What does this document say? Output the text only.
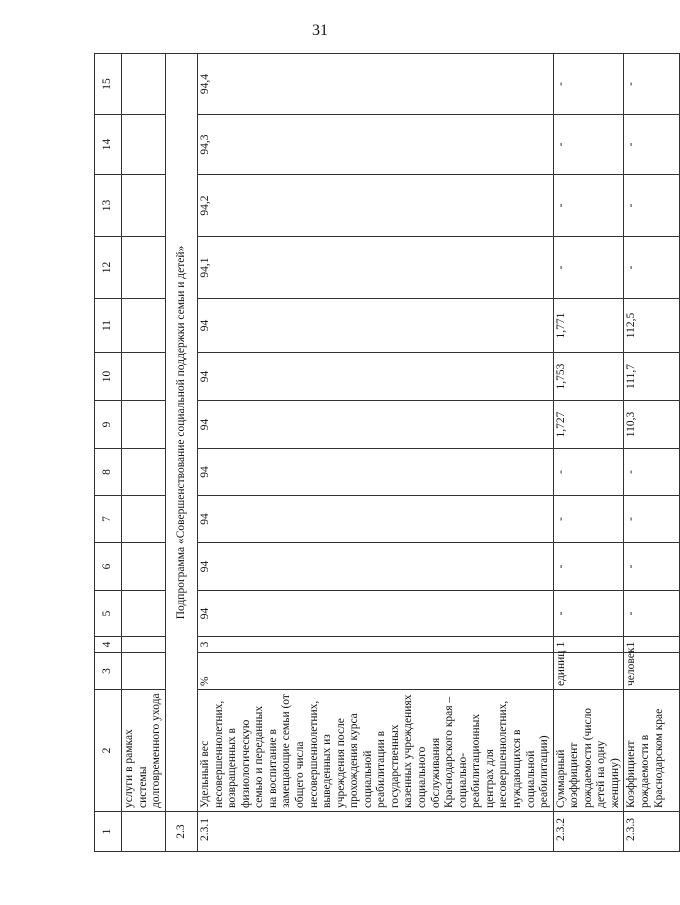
31
1	2	3	4	5	6	7	8	9	10	11	12	13	14	15
	услуги в рамках системы долговременного ухода													
2.3	Подпрограмма «Совершенствование социальной поддержки семьи и детей»													
2.3.1	Удельный вес несовершеннолетних, возвращенных в физиологическую семью и переданных на воспитание в замещающие семьи (от общего числа несовершеннолетних, выведенных из учреждения после прохождения курса социальной реабилитации в государственных казенных учреждениях социального обслуживания Краснодарского края – социально-реабилитационных центрах для несовершеннолетних, нуждающихся в социальной реабилитации)	%	3	94	94	94	94	94	94	94	94,1	94,2	94,3	94,4
2.3.2	Суммарный коэффициент рождаемости (число детей на одну женщину)	единиц	1	-	-	-	-	1,727	1,753	1,771	-	-	-	-
2.3.3	Коэффициент рождаемости в Краснодарском крае	человек	1	-	-	-	-	110,3	111,7	112,5	-	-	-	-
